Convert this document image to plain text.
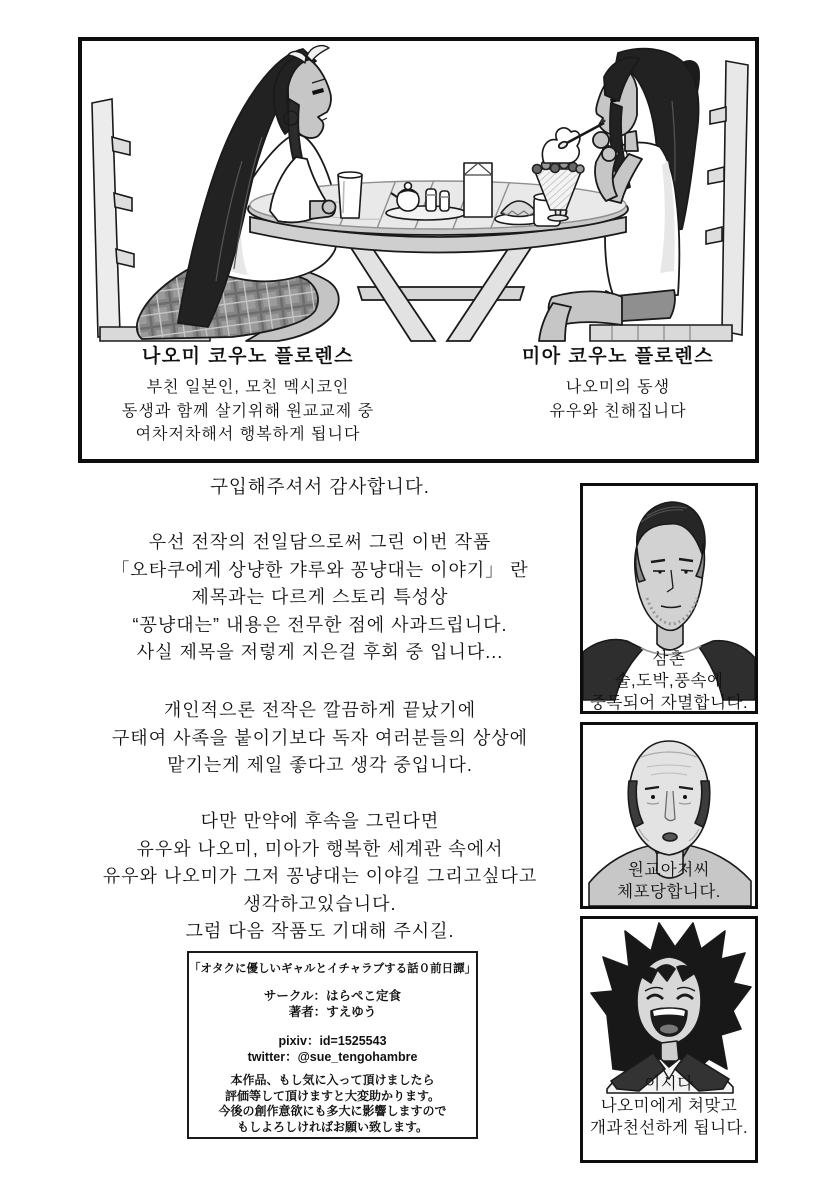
나오미 코우노 플로렌스
부친 일본인, 모친 멕시코인
동생과 함께 살기위해 원교교제 중
여차저차해서 행복하게 됩니다
미아 코우노 플로렌스
나오미의 동생
유우와 친해집니다
구입해주셔서 감사합니다.
우선 전작의 전일담으로써 그린 이번 작품
「오타쿠에게 상냥한 갸루와 꽁냥대는 이야기」 란
제목과는 다르게 스토리 특성상
“꽁냥대는” 내용은 전무한 점에 사과드립니다.
사실 제목을 저렇게 지은걸 후회 중 입니다...
개인적으론 전작은 깔끔하게 끝났기에
구태여 사족을 붙이기보다 독자 여러분들의 상상에
맡기는게 제일 좋다고 생각 중입니다.
다만 만약에 후속을 그린다면
유우와 나오미, 미아가 행복한 세계관 속에서
유우와 나오미가 그저 꽁냥대는 이야길 그리고싶다고
생각하고있습니다.
그럼 다음 작품도 기대해 주시길.
삼촌
술,도박,풍속에
중독되어 자멸합니다.
원교아저씨
체포당합니다.
이시다
나오미에게 쳐맞고
개과천선하게 됩니다.
「オタクに優しいギャルとイチャラブする話０前日譚」
サークル：はらぺこ定食
著者：すえゆう
pixiv：id=1525543
twitter：@sue_tengohambre
本作品、もし気に入って頂けましたら
評価等して頂けますと大変助かります。
今後の創作意欲にも多大に影響しますので
もしよろしければお願い致します。
